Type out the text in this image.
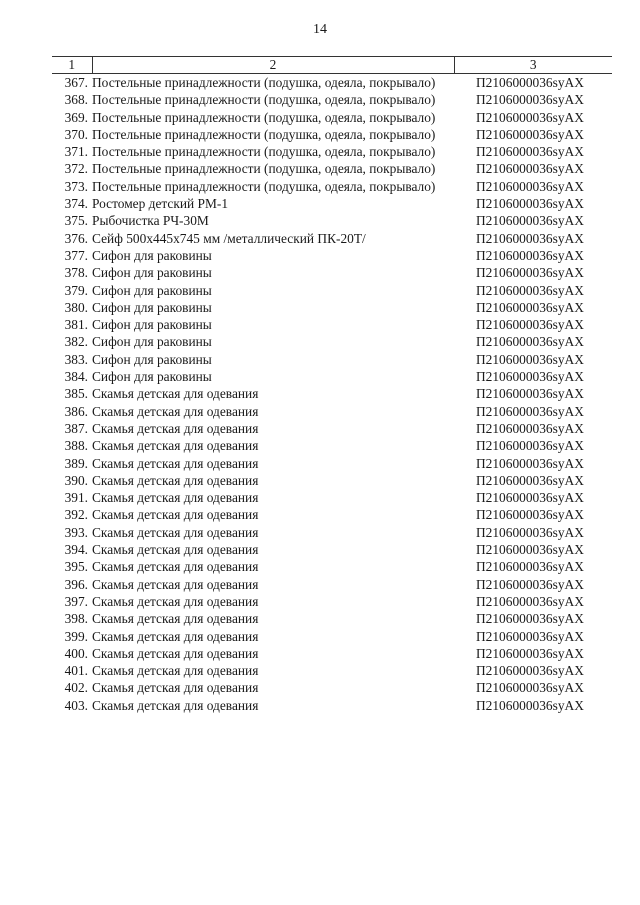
14
1	2	3
367.	Постельные принадлежности (подушка, одеяла, покрывало)	П2106000036syAX
368.	Постельные принадлежности (подушка, одеяла, покрывало)	П2106000036syAX
369.	Постельные принадлежности (подушка, одеяла, покрывало)	П2106000036syAX
370.	Постельные принадлежности (подушка, одеяла, покрывало)	П2106000036syAX
371.	Постельные принадлежности (подушка, одеяла, покрывало)	П2106000036syAX
372.	Постельные принадлежности (подушка, одеяла, покрывало)	П2106000036syAX
373.	Постельные принадлежности (подушка, одеяла, покрывало)	П2106000036syAX
374.	Ростомер детский РМ-1	П2106000036syAX
375.	Рыбочистка РЧ-30М	П2106000036syAX
376.	Сейф 500x445x745 мм /металлический ПК-20Т/	П2106000036syAX
377.	Сифон для раковины	П2106000036syAX
378.	Сифон для раковины	П2106000036syAX
379.	Сифон для раковины	П2106000036syAX
380.	Сифон для раковины	П2106000036syAX
381.	Сифон для раковины	П2106000036syAX
382.	Сифон для раковины	П2106000036syAX
383.	Сифон для раковины	П2106000036syAX
384.	Сифон для раковины	П2106000036syAX
385.	Скамья детская для одевания	П2106000036syAX
386.	Скамья детская для одевания	П2106000036syAX
387.	Скамья детская для одевания	П2106000036syAX
388.	Скамья детская для одевания	П2106000036syAX
389.	Скамья детская для одевания	П2106000036syAX
390.	Скамья детская для одевания	П2106000036syAX
391.	Скамья детская для одевания	П2106000036syAX
392.	Скамья детская для одевания	П2106000036syAX
393.	Скамья детская для одевания	П2106000036syAX
394.	Скамья детская для одевания	П2106000036syAX
395.	Скамья детская для одевания	П2106000036syAX
396.	Скамья детская для одевания	П2106000036syAX
397.	Скамья детская для одевания	П2106000036syAX
398.	Скамья детская для одевания	П2106000036syAX
399.	Скамья детская для одевания	П2106000036syAX
400.	Скамья детская для одевания	П2106000036syAX
401.	Скамья детская для одевания	П2106000036syAX
402.	Скамья детская для одевания	П2106000036syAX
403.	Скамья детская для одевания	П2106000036syAX
